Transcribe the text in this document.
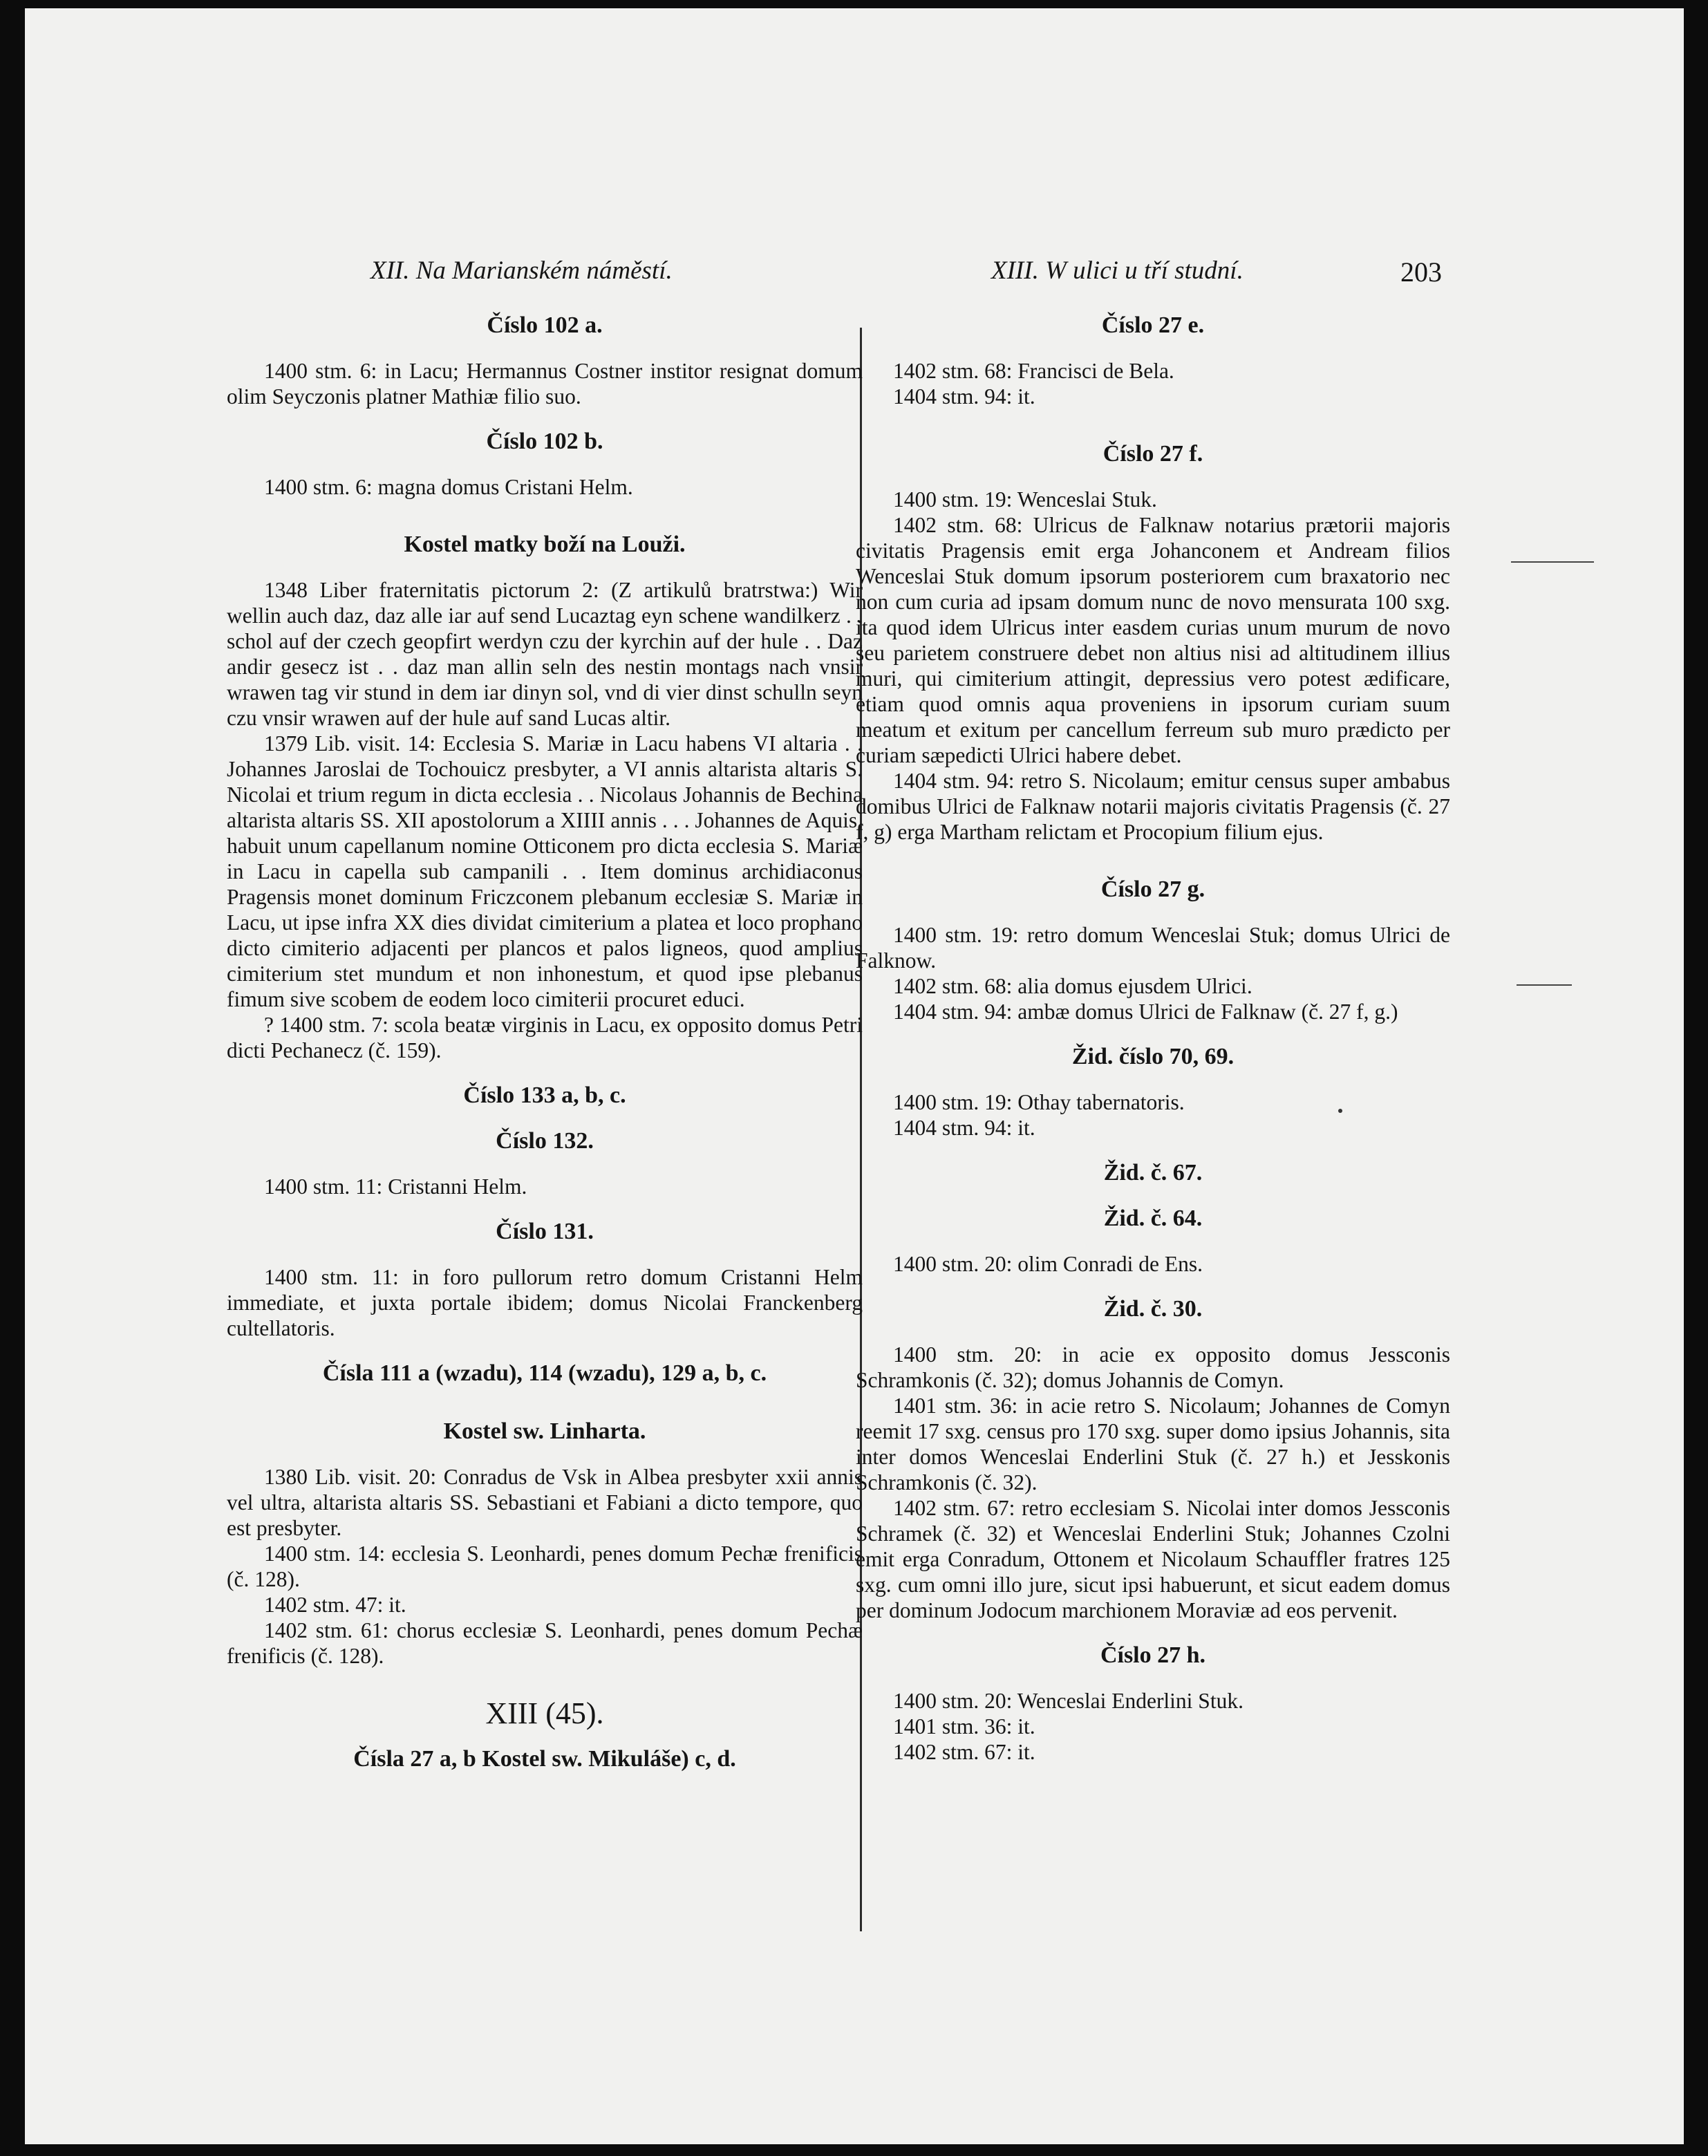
XII. Na Marianském náměstí.	XIII. W ulici u tří studní.	203

Číslo 102 a.

1400 stm. 6: in Lacu; Hermannus Costner institor resignat domum olim Seyczonis platner Mathiæ filio suo.

Číslo 102 b.

1400 stm. 6: magna domus Cristani Helm.

Kostel matky boží na Louži.

1348 Liber fraternitatis pictorum 2: (Z artikulů bratrstwa:) Wir wellin auch daz, daz alle iar auf send Lucaztag eyn schene wandilkerz . . schol auf der czech geopfirt werdyn czu der kyrchin auf der hule . . Daz andir gesecz ist . . daz man allin seln des nestin montags nach vnsir wrawen tag vir stund in dem iar dinyn sol, vnd di vier dinst schulln seyn czu vnsir wrawen auf der hule auf sand Lucas altir.

1379 Lib. visit. 14: Ecclesia S. Mariæ in Lacu habens VI altaria . . Johannes Jaroslai de Tochouicz presbyter, a VI annis altarista altaris S. Nicolai et trium regum in dicta ecclesia . . Nicolaus Johannis de Bechina altarista altaris SS. XII apostolorum a XIIII annis . . . Johannes de Aquis, habuit unum capellanum nomine Otticonem pro dicta ecclesia S. Mariæ in Lacu in capella sub campanili . . Item dominus archidiaconus Pragensis monet dominum Friczconem plebanum ecclesiæ S. Mariæ in Lacu, ut ipse infra XX dies dividat cimiterium a platea et loco prophano dicto cimiterio adjacenti per plancos et palos ligneos, quod amplius cimiterium stet mundum et non inhonestum, et quod ipse plebanus fimum sive scobem de eodem loco cimiterii procuret educi.

? 1400 stm. 7: scola beatæ virginis in Lacu, ex opposito domus Petri dicti Pechanecz (č. 159).

Číslo 133 a, b, c.

Číslo 132.

1400 stm. 11: Cristanni Helm.

Číslo 131.

1400 stm. 11: in foro pullorum retro domum Cristanni Helm immediate, et juxta portale ibidem; domus Nicolai Franckenberg cultellatoris.

Čísla 111 a (wzadu), 114 (wzadu), 129 a, b, c.

Kostel sw. Linharta.

1380 Lib. visit. 20: Conradus de Vsk in Albea presbyter xxii annis vel ultra, altarista altaris SS. Sebastiani et Fabiani a dicto tempore, quo est presbyter.

1400 stm. 14: ecclesia S. Leonhardi, penes domum Pechæ frenificis (č. 128).

1402 stm. 47: it.

1402 stm. 61: chorus ecclesiæ S. Leonhardi, penes domum Pechæ frenificis (č. 128).

XIII (45).

Čísla 27 a, b Kostel sw. Mikuláše) c, d.

Číslo 27 e.

1402 stm. 68: Francisci de Bela.

1404 stm. 94: it.

Číslo 27 f.

1400 stm. 19: Wenceslai Stuk.

1402 stm. 68: Ulricus de Falknaw notarius prætorii majoris civitatis Pragensis emit erga Johanconem et Andream filios Wenceslai Stuk domum ipsorum posteriorem cum braxatorio nec non cum curia ad ipsam domum nunc de novo mensurata 100 sxg. ita quod idem Ulricus inter easdem curias unum murum de novo seu parietem construere debet non altius nisi ad altitudinem illius muri, qui cimiterium attingit, depressius vero potest ædificare, etiam quod omnis aqua proveniens in ipsorum curiam suum meatum et exitum per cancellum ferreum sub muro prædicto per curiam sæpedicti Ulrici habere debet.

1404 stm. 94: retro S. Nicolaum; emitur census super ambabus domibus Ulrici de Falknaw notarii majoris civitatis Pragensis (č. 27 f, g) erga Martham relictam et Procopium filium ejus.

Číslo 27 g.

1400 stm. 19: retro domum Wenceslai Stuk; domus Ulrici de Falknow.

1402 stm. 68: alia domus ejusdem Ulrici.

1404 stm. 94: ambæ domus Ulrici de Falknaw (č. 27 f, g.)

Žid. číslo 70, 69.

1400 stm. 19: Othay tabernatoris.

1404 stm. 94: it.

Žid. č. 67.

Žid. č. 64.

1400 stm. 20: olim Conradi de Ens.

Žid. č. 30.

1400 stm. 20: in acie ex opposito domus Jessconis Schramkonis (č. 32); domus Johannis de Comyn.

1401 stm. 36: in acie retro S. Nicolaum; Johannes de Comyn reemit 17 sxg. census pro 170 sxg. super domo ipsius Johannis, sita inter domos Wenceslai Enderlini Stuk (č. 27 h.) et Jesskonis Schramkonis (č. 32).

1402 stm. 67: retro ecclesiam S. Nicolai inter domos Jessconis Schramek (č. 32) et Wenceslai Enderlini Stuk; Johannes Czolni emit erga Conradum, Ottonem et Nicolaum Schauffler fratres 125 sxg. cum omni illo jure, sicut ipsi habuerunt, et sicut eadem domus per dominum Jodocum marchionem Moraviæ ad eos pervenit.

Číslo 27 h.

1400 stm. 20: Wenceslai Enderlini Stuk.

1401 stm. 36: it.

1402 stm. 67: it.
